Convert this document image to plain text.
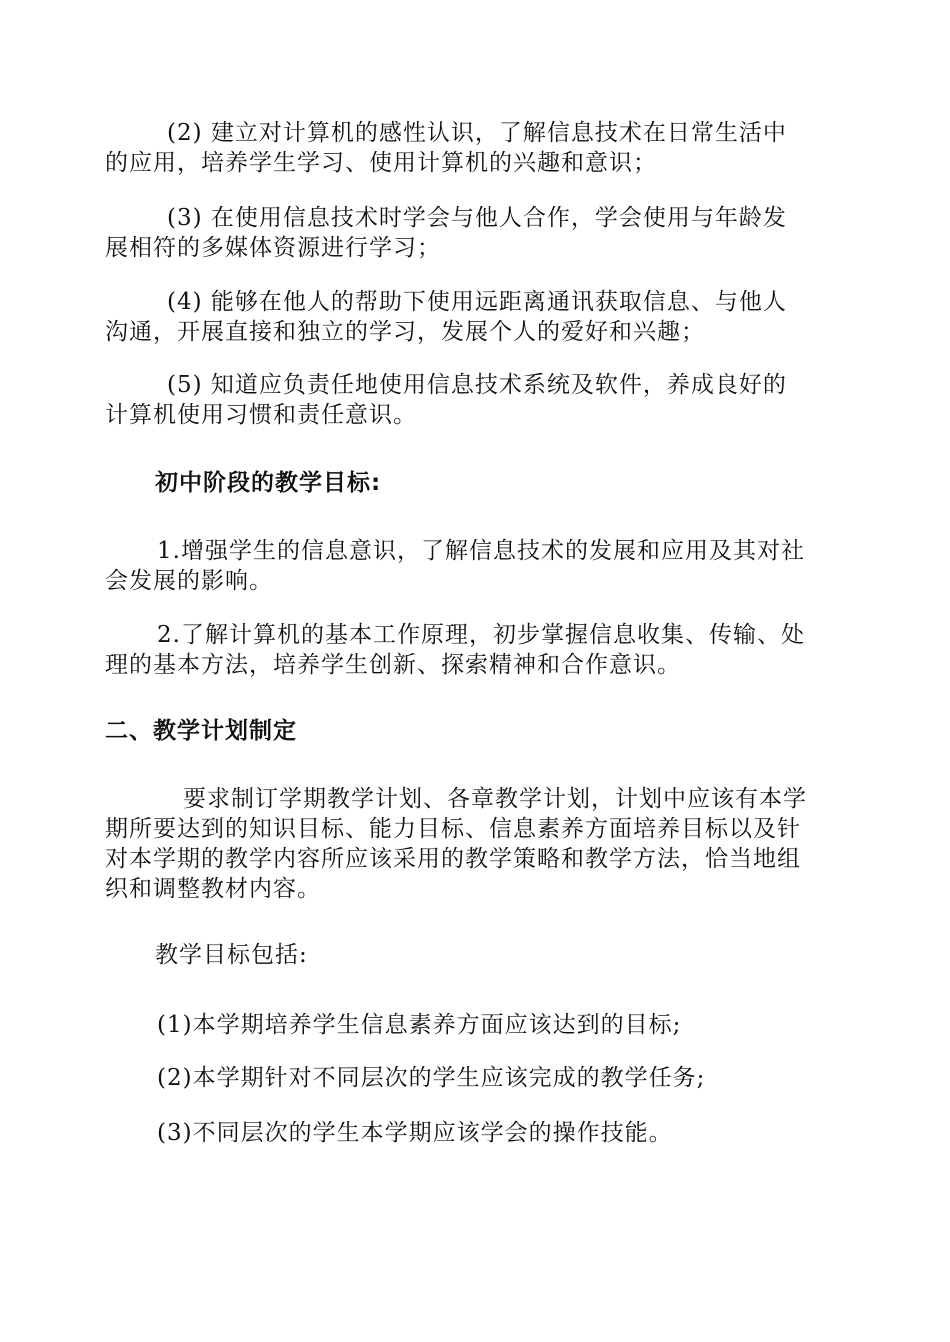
(2) 建立对计算机的感性认识，了解信息技术在日常生活中
的应用，培养学生学习、使用计算机的兴趣和意识；
(3) 在使用信息技术时学会与他人合作，学会使用与年龄发
展相符的多媒体资源进行学习；
(4) 能够在他人的帮助下使用远距离通讯获取信息、与他人
沟通，开展直接和独立的学习，发展个人的爱好和兴趣；
(5) 知道应负责任地使用信息技术系统及软件，养成良好的
计算机使用习惯和责任意识。
初中阶段的教学目标:
1.增强学生的信息意识，了解信息技术的发展和应用及其对社
会发展的影响。
2.了解计算机的基本工作原理，初步掌握信息收集、传输、处
理的基本方法，培养学生创新、探索精神和合作意识。
二、教学计划制定
要求制订学期教学计划、各章教学计划，计划中应该有本学
期所要达到的知识目标、能力目标、信息素养方面培养目标以及针
对本学期的教学内容所应该采用的教学策略和教学方法，恰当地组
织和调整教材内容。
教学目标包括:
(1)本学期培养学生信息素养方面应该达到的目标;
(2)本学期针对不同层次的学生应该完成的教学任务;
(3)不同层次的学生本学期应该学会的操作技能。
